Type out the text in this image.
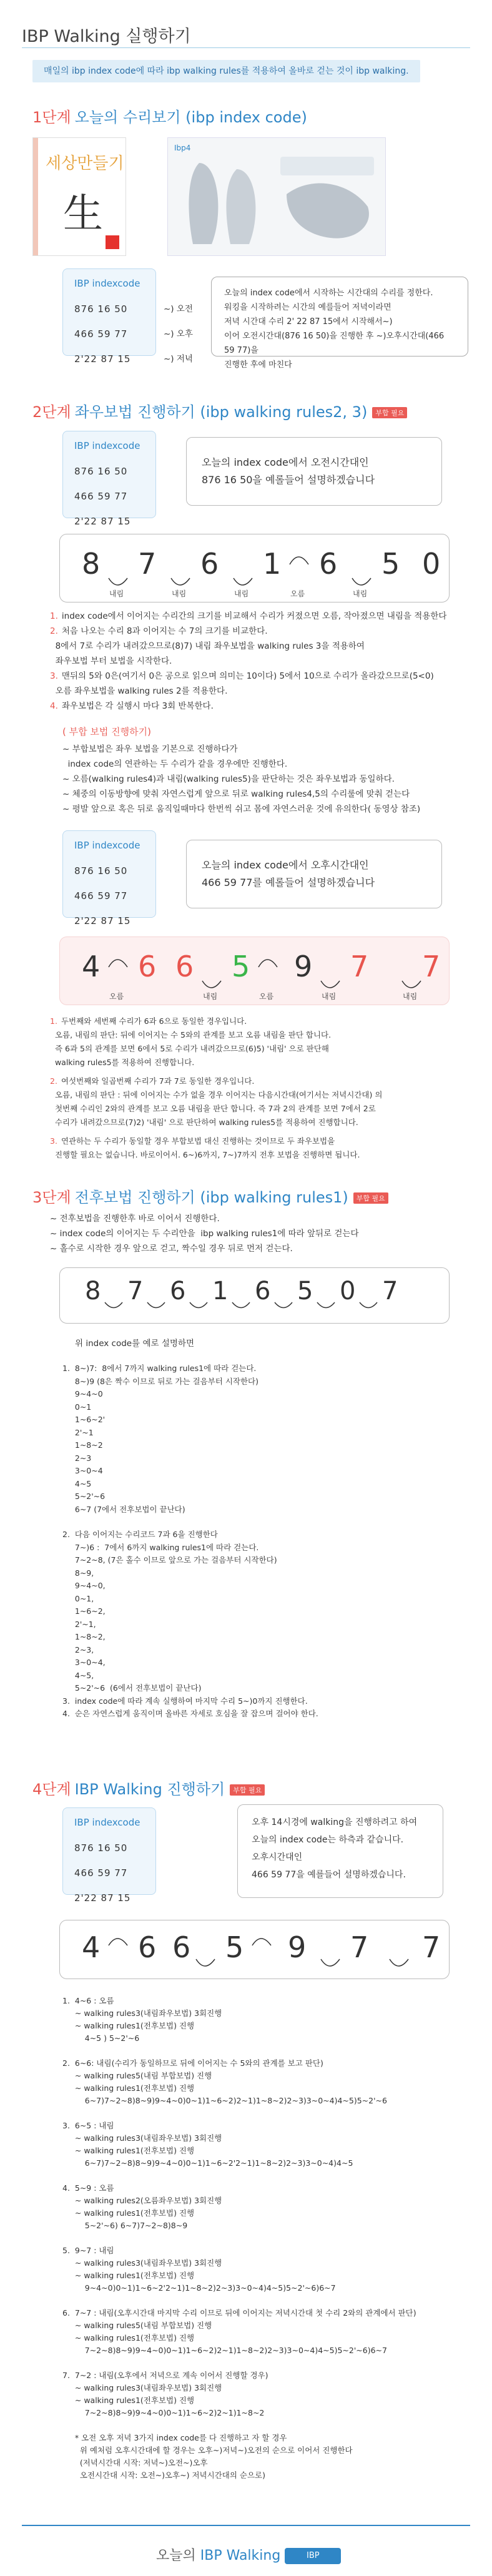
IBP Walking 실행하기
매일의 ibp index code에 따라 ibp walking rules를 적용하여 올바로 걷는 것이 ibp walking.
1단계 오늘의 수리보기 (ibp index code)
세상만들기
生
Ibp4
IBP indexcode
876 16 50
466 59 77
2'22 87 15
~) 오전
~) 오후
~) 저녁
오늘의 index code에서 시작하는 시간대의 수리를 정한다.
워킹을 시작하려는 시간의 예를들어 저녁이라면
저녁 시간대 수리 2' 22 87 15에서 시작해서~)
이어 오전시간대(876 16 50)을 진행한 후 ~)오후시간대(466 59 77)을
진행한 후에 마친다
2단계 좌우보법 진행하기 (ibp walking rules2, 3) 부합 필요
IBP indexcode
876 16 50
466 59 77
2'22 87 15
오늘의 index code에서 오전시간대인
876 16 50을 예롤들어 설명하겠습니다
8 7 6 1 6 5 0
내림	내림	내림	오름	내림
1. index code에서 이어지는 수리간의 크기를 비교해서 수리가 커졌으면 오름, 작아졌으면 내림을 적용한다
2. 처음 나오는 수리 8과 이어지는 수 7의 크기를 비교한다.
8에서 7로 수리가 내려갔으므로(8)7) 내림 좌우보법을 walking rules 3을 적용하여
좌우보법 부터 보법을 시작한다.
3. 맨뒤의 5와 0은(여기서 0은 공으로 읽으며 의미는 10이다) 5에서 10으로 수리가 올라갔으므로(5<0)
오름 좌우보법을 walking rules 2를 적용한다.
4. 좌우보법은 각 실행시 마다 3회 반복한다.
( 부합 보법 진행하기)
~ 부합보법은 좌우 보법을 기본으로 진행하다가
index code의 연관하는 두 수리가 같을 경우에만 진행한다.
~ 오름(walking rules4)과 내림(walking rules5)을 판단하는 것은 좌우보법과 동일하다.
~ 체중의 이동방향에 맞춰 자연스럽게 앞으로 뒤로 walking rules4,5의 수리룰에 맞춰 걷는다
~ 평발 앞으로 혹은 뒤로 움직일때마다 한번씩 쉬고 몸에 자연스러운 것에 유의한다( 동영상 참조)
IBP indexcode
876 16 50
466 59 77
2'22 87 15
오늘의 index code에서 오후시간대인
466 59 77를 예롤들어 설명하겠습니다
4 6 6 5 9 7 7
오름	내림	오름	내림	내림
1. 두번째와 세번째 수리가 6과 6으로 동일한 경우입니다.
오름, 내림의 판단: 뒤에 이어지는 수 5와의 관계를 보고 오름 내림을 판단 합니다.
즉 6과 5의 관계를 보면 6에서 5로 수리가 내려갔으므로(6)5) '내림' 으로 판단해
walking rules5를 적용하여 진행합니다.
2. 여섯번째와 일곱번째 수리가 7과 7로 동일한 경우입니다.
오름, 내림의 판단 : 뒤에 이어지는 수가 없을 경우 이어지는 다음시간대(여기서는 저녁시간대) 의
첫번째 수리인 2와의 관계를 보고 오름 내림을 판단 합니다. 즉 7과 2의 관계를 보면 7에서 2로
수리가 내려갔으므로(7)2) '내림' 으로 판단하여 walking rules5를 적용하여 진행합니다.
3. 연관하는 두 수리가 동일할 경우 부합보법 대신 진행하는 것이므로 두 좌우보법을
진행할 필요는 없습니다. 바로이어서. 6~)6까지, 7~)7까지 전후 보법을 진행하면 됩니다.
3단계 전후보법 진행하기 (ibp walking rules1) 부합 필요
~ 전후보법을 진행한후 바로 이어서 진행한다.
~ index code의 이어지는 두 수리안을  ibp walking rules1에 따라 앞뒤로 걷는다
~ 홀수로 시작한 경우 앞으로 걷고, 짝수일 경우 뒤로 먼저 걷는다.
8 7 6 1 6 5 0 7
위 index code를 예로 설명하면
1.  8~)7:  8에서 7까지 walking rules1에 따라 걷는다.
8~)9 (8은 짝수 이므로 뒤로 가는 걸음부터 시작한다)
9~4~0
0~1
1~6~2'
2'~1
1~8~2
2~3
3~0~4
4~5
5~2'~6
6~7 (7에서 전후보법이 끝난다)
2.  다음 이어지는 수리코드 7과 6을 진행한다
7~)6 :  7에서 6까지 walking rules1에 따라 걷는다.
7~2~8, (7은 홀수 이므로 앞으로 가는 걸음부터 시작한다)
8~9,
9~4~0,
0~1,
1~6~2,
2'~1,
1~8~2,
2~3,
3~0~4,
4~5,
5~2'~6  (6에서 전후보법이 끝난다)
3.  index code에 따라 계속 실행하여 마지막 수리 5~)0까지 진행한다.
4.  순은 자연스럽게 움직이며 올바른 자세로 호심을 잘 잡으며 걸어야 한다.
4단계 IBP Walking 진행하기 부합 필요
IBP indexcode
876 16 50
466 59 77
2'22 87 15
오후 14시경에 walking을 진행하려고 하여
오늘의 index code는 하측과 같습니다.
오후시간대인
466 59 77을 예를들어 설명하겠습니다.
4 6 6 5 9 7 7
1.  4~6 : 오름
~ walking rules3(내림좌우보법) 3회진행
~ walking rules1(전후보법) 진행
4~5 ) 5~2'~6
2.  6~6: 내림(수리가 동일하므로 뒤에 이어지는 수 5와의 관계를 보고 판단)
~ walking rules5(내림 부합보법) 진행
~ walking rules1(전후보법) 진행
6~7)7~2~8)8~9)9~4~0)0~1)1~6~2)2~1)1~8~2)2~3)3~0~4)4~5)5~2'~6
3.  6~5 : 내림
~ walking rules3(내림좌우보법) 3회진행
~ walking rules1(전후보법) 진행
6~7)7~2~8)8~9)9~4~0)0~1)1~6~2'2~1)1~8~2)2~3)3~0~4)4~5
4.  5~9 : 오름
~ walking rules2(오름좌우보법) 3회진행
~ walking rules1(전후보법) 진행
5~2'~6) 6~7)7~2~8)8~9
5.  9~7 : 내림
~ walking rules3(내림좌우보법) 3회진행
~ walking rules1(전후보법) 진행
9~4~0)0~1)1~6~2'2~1)1~8~2)2~3)3~0~4)4~5)5~2'~6)6~7
6.  7~7 : 내림(오후시간대 마지막 수리 이므로 뒤에 이어지는 저녁시간대 첫 수리 2와의 관계에서 판단)
~ walking rules5(내림 부합보법) 진행
~ walking rules1(전후보법) 진행
7~2~8)8~9)9~4~0)0~1)1~6~2)2~1)1~8~2)2~3)3~0~4)4~5)5~2'~6)6~7
7.  7~2 : 내림(오후에서 저녁으로 계속 이어서 진행할 경우)
~ walking rules3(내림좌우보법) 3회진행
~ walking rules1(전후보법) 진행
7~2~8)8~9)9~4~0)0~1)1~6~2)2~1)1~8~2
* 오전 오후 저녁 3가지 index code를 다 진행하고 자 할 경우
위 예처럼 오후시간대에 할 경우는 오후~)저녁~)오전의 순으로 이어서 진행한다
(저녁시간대 시작: 저녁~)오전~)오후
오전시간대 시작: 오전~)오후~) 저녁시간대의 순으로)
오늘의 IBP Walking	IBP
